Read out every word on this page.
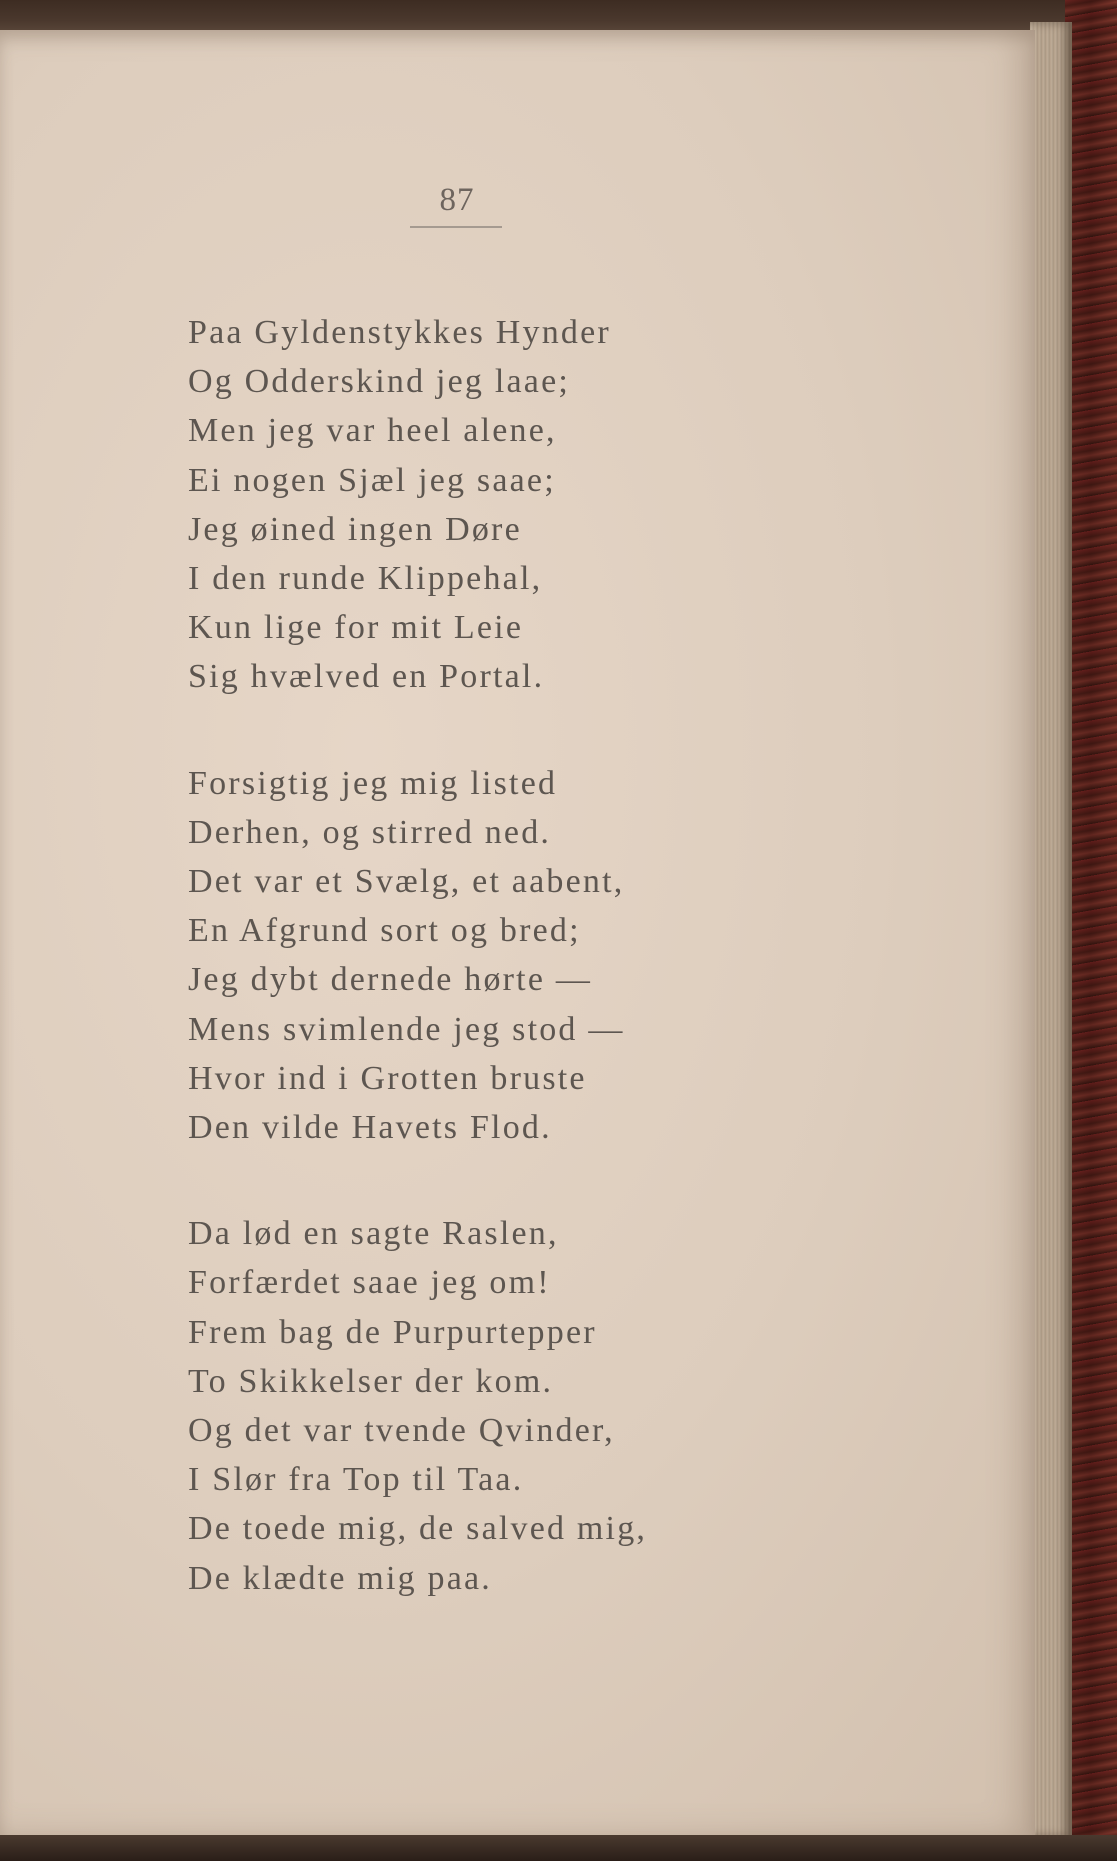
87
Paa Gyldenstykkes Hynder
Og Odderskind jeg laae;
Men jeg var heel alene,
Ei nogen Sjæl jeg saae;
Jeg øined ingen Døre
I den runde Klippehal,
Kun lige for mit Leie
Sig hvælved en Portal.
Forsigtig jeg mig listed
Derhen, og stirred ned.
Det var et Svælg, et aabent,
En Afgrund sort og bred;
Jeg dybt dernede hørte —
Mens svimlende jeg stod —
Hvor ind i Grotten bruste
Den vilde Havets Flod.
Da lød en sagte Raslen,
Forfærdet saae jeg om!
Frem bag de Purpurtepper
To Skikkelser der kom.
Og det var tvende Qvinder,
I Slør fra Top til Taa.
De toede mig, de salved mig,
De klædte mig paa.
